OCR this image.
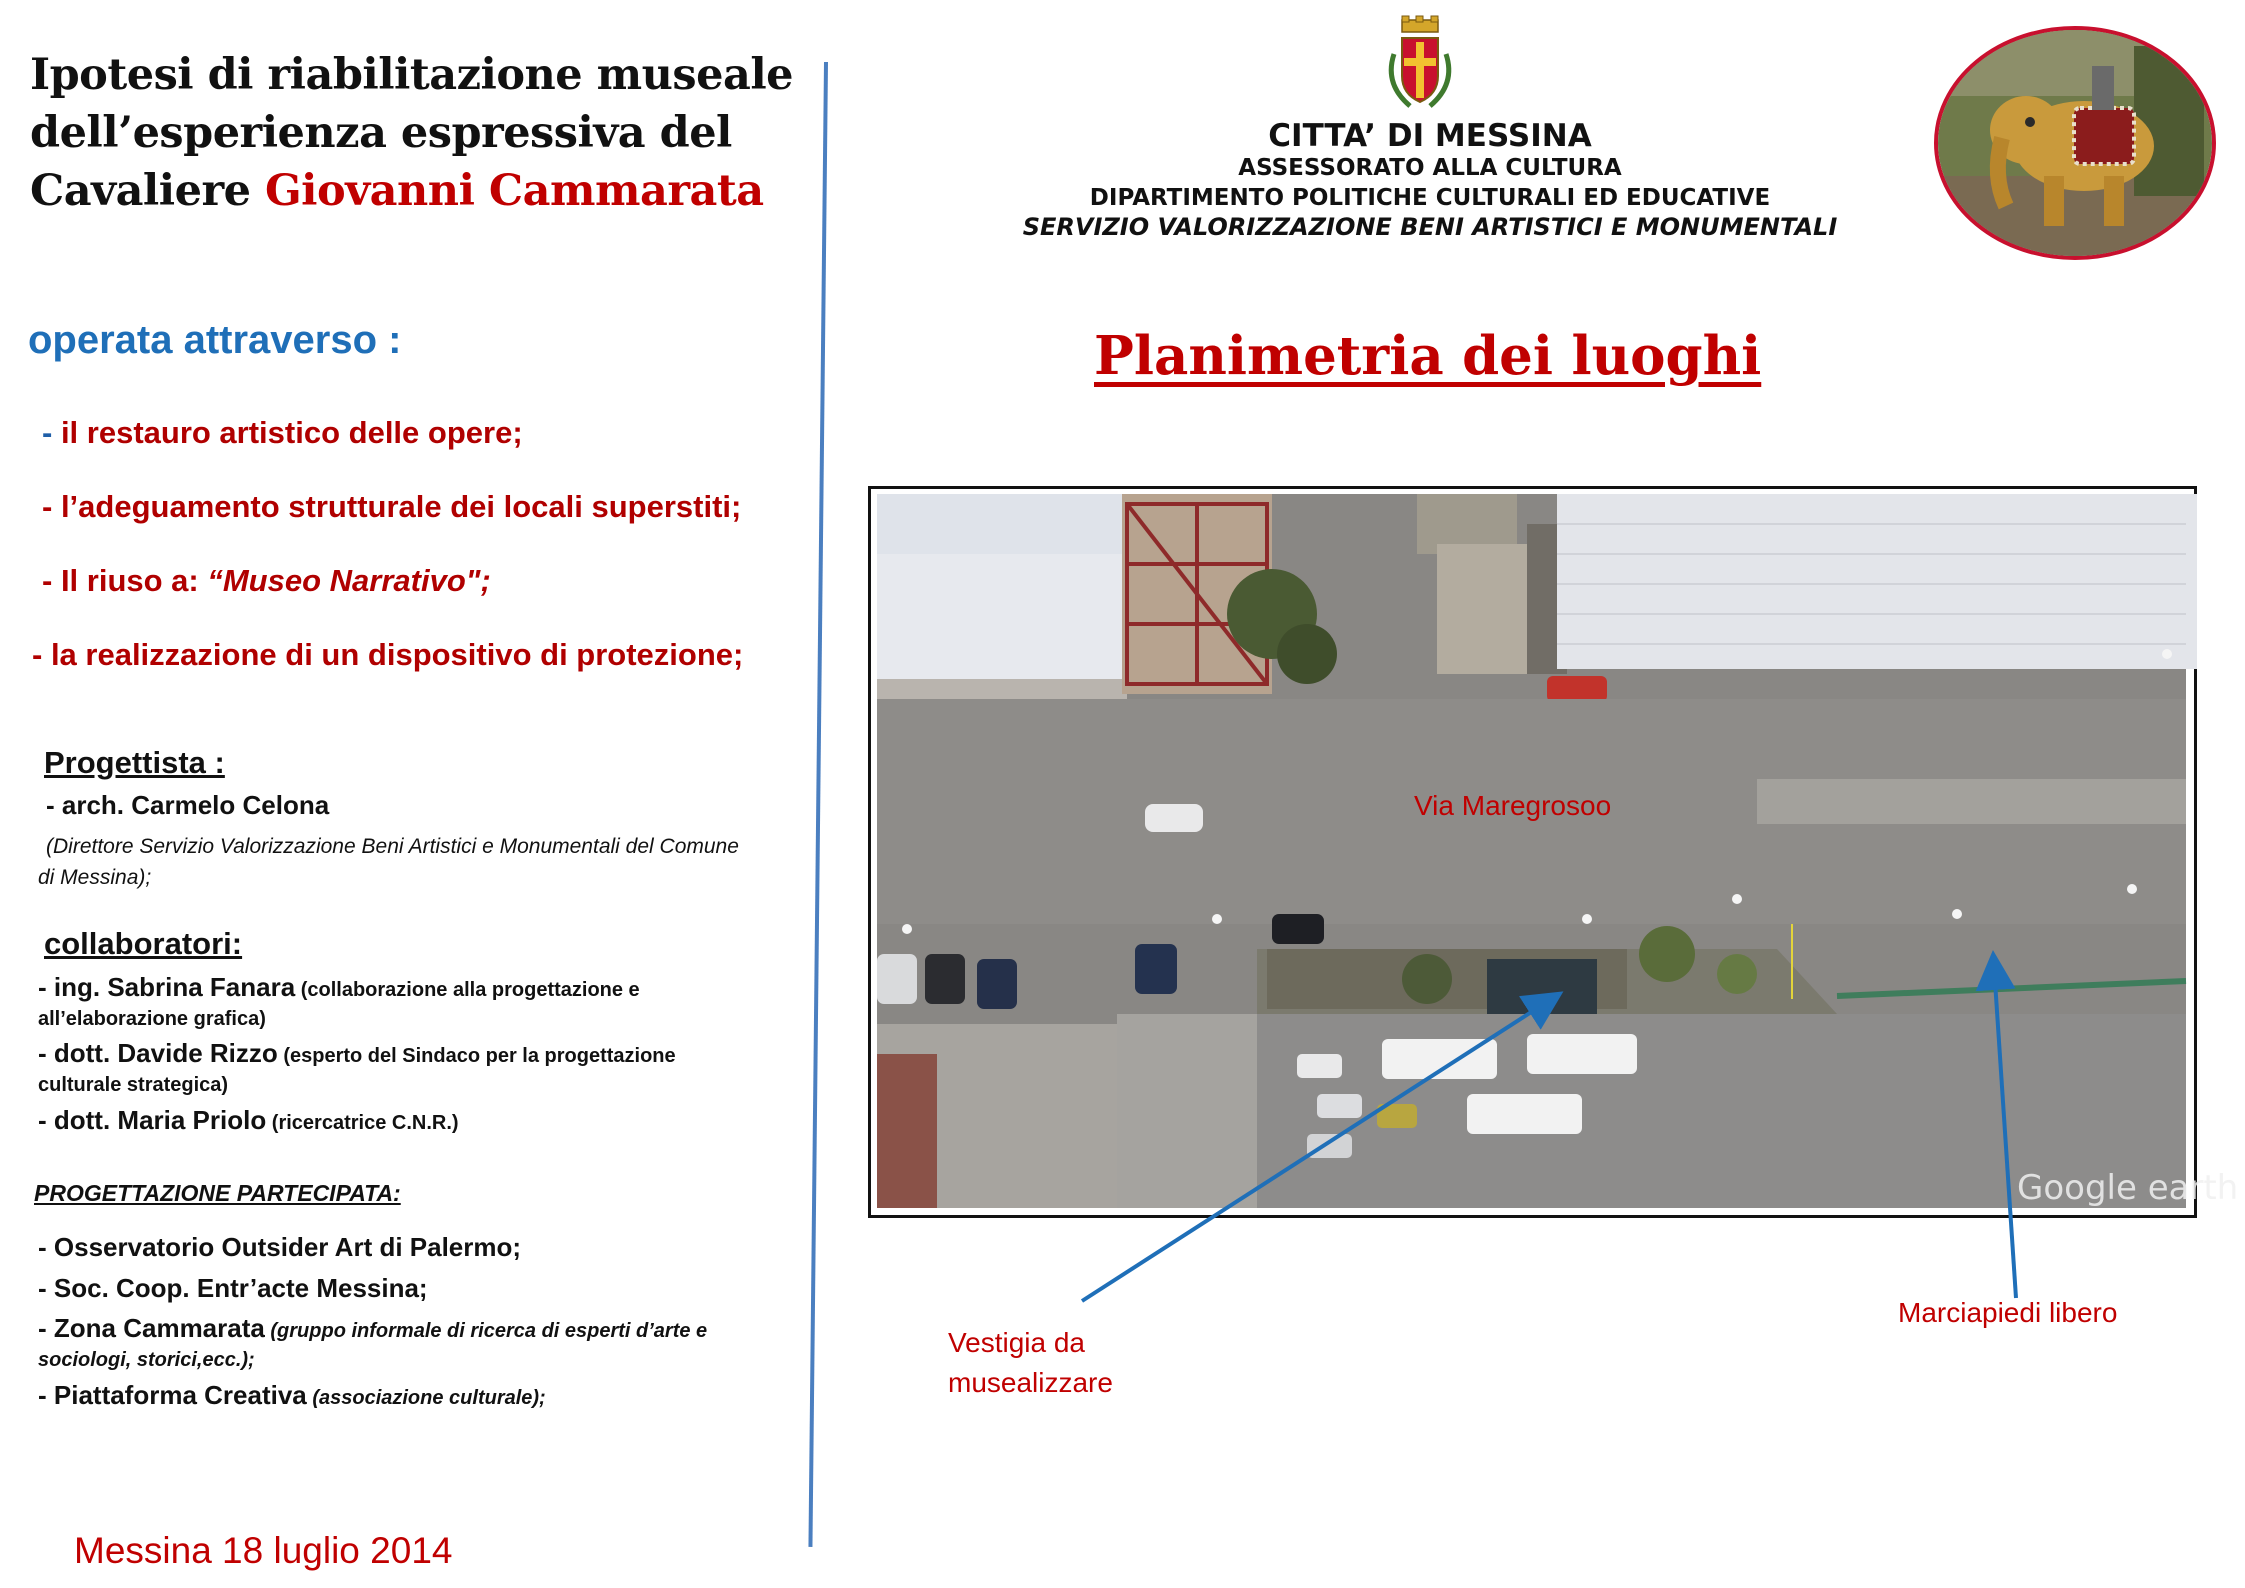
Ipotesi di riabilitazione museale
dell’esperienza espressiva del
Cavaliere Giovanni Cammarata
operata attraverso :
- il restauro artistico delle opere;
- l’adeguamento strutturale dei locali superstiti;
- Il riuso a: “Museo Narrativo";
- la realizzazione di un dispositivo di protezione;
Progettista :
- arch. Carmelo Celona
(Direttore Servizio Valorizzazione Beni Artistici e Monumentali del Comune
di Messina);
collaboratori:
- ing. Sabrina Fanara (collaborazione alla progettazione e
all’elaborazione grafica)
- dott. Davide Rizzo (esperto del Sindaco per la progettazione
culturale strategica)
- dott. Maria Priolo (ricercatrice C.N.R.)
PROGETTAZIONE PARTECIPATA:
- Osservatorio Outsider Art di Palermo;
- Soc. Coop. Entr’acte Messina;
- Zona Cammarata (gruppo informale di ricerca di esperti d’arte e
sociologi, storici,ecc.);
- Piattaforma Creativa (associazione culturale);
Messina 18 luglio 2014
CITTA’ DI MESSINA
ASSESSORATO ALLA CULTURA
DIPARTIMENTO POLITICHE CULTURALI ED EDUCATIVE
SERVIZIO VALORIZZAZIONE BENI ARTISTICI E MONUMENTALI
Planimetria dei luoghi
Google earth
Via Maregrosoo
Vestigia da
musealizzare
Marciapiedi libero
